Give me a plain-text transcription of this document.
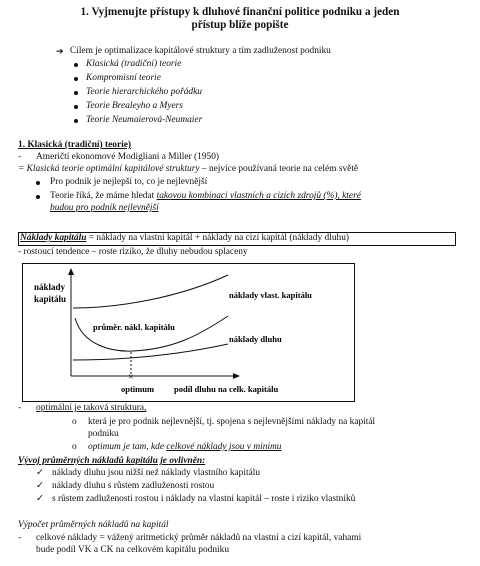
1. Vyjmenujte přístupy k dluhové finanční politice podniku a jeden
přístup blíže popište
➔ Cílem je optimalizace kapitálové struktury a tím zadluženost podniku
Klasická (tradiční) teorie
Kompromisní teorie
Teorie hierarchického pořádku
Teorie Brealeyho a Myers
Teorie Neumaierová-Neumaier
1. Klasická (tradiční) teorie)
- Američtí ekonomové Modigliani a Miller (1950)
= Klasická teorie optimální kapitálové struktury – nejvíce používaná teorie na celém světě
Pro podnik je nejlepší to, co je nejlevnější
Teorie říká, že máme hledat takovou kombinaci vlastních a cizích zdrojů (%), které
budou pro podnik nejlevnější
Náklady kapitálu = náklady na vlastní kapitál + náklady na cizí kapitál (náklady dluhu)
- rostoucí tendence – roste riziko, že dluhy nebudou splaceny
náklady
kapitálu
×
optimum podíl dluhu na celk. kapitálu
náklady vlast. kapitálu
průměr. nákl. kapitálu
náklady dluhu
- optimální je taková struktura,
o která je pro podnik nejlevnější, tj. spojena s nejlevnějšími náklady na kapitál
podniku
o optimum je tam, kde celkové náklady jsou v minimu
Vývoj průměrných nákladů kapitálu je ovlivněn:
✓ náklady dluhu jsou nižší než náklady vlastního kapitálu
✓ náklady dluhu s růstem zadluženosti rostou
✓ s růstem zadluženosti rostou i náklady na vlastní kapitál – roste i riziko vlastníků
Výpočet průměrných nákladů na kapitál
- celkové náklady = vážený aritmetický průměr nákladů na vlastní a cizí kapitál, vahami
bude podíl VK a CK na celkovém kapitálu podniku
